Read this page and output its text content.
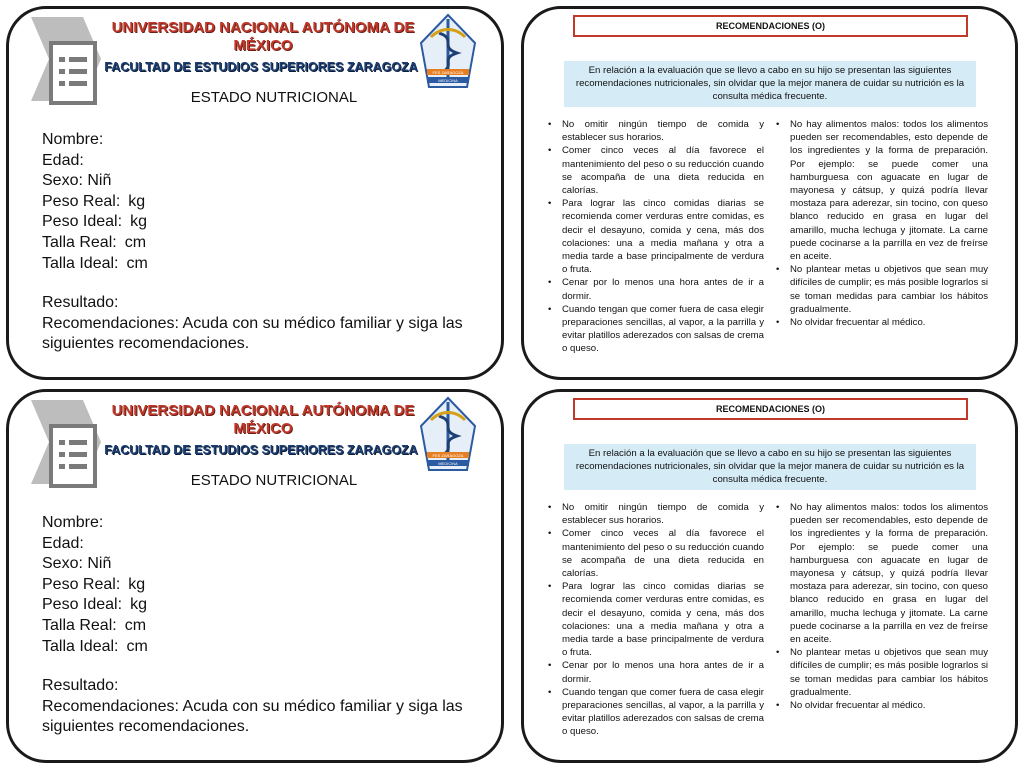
UNIVERSIDAD NACIONAL AUTÓNOMA DE MÉXICO
FACULTAD DE ESTUDIOS SUPERIORES ZARAGOZA	FES ZARAGOZA
MEDICINA
ESTADO NUTRICIONAL
Nombre:
Edad:
Sexo: Niñ
Peso Real: kg
Peso Ideal: kg
Talla Real: cm
Talla Ideal: cm
Resultado:
Recomendaciones: Acuda con su médico familiar y siga las siguientes recomendaciones.
RECOMENDACIONES (O)
En relación a la evaluación que se llevo a cabo en su hijo se presentan las siguientes recomendaciones nutricionales, sin olvidar que la mejor manera de cuidar su nutrición es la consulta médica frecuente.
• No omitir ningún tiempo de comida y establecer sus horarios.
• Comer cinco veces al día favorece el mantenimiento del peso o su reducción cuando se acompaña de una dieta reducida en calorías.
• Para lograr las cinco comidas diarias se recomienda comer verduras entre comidas, es decir el desayuno, comida y cena, más dos colaciones: una a media mañana y otra a media tarde a base principalmente de verdura o fruta.
• Cenar por lo menos una hora antes de ir a dormir.
• Cuando tengan que comer fuera de casa elegir preparaciones sencillas, al vapor, a la parrilla y evitar platillos aderezados con salsas de crema o queso.
• No hay alimentos malos: todos los alimentos pueden ser recomendables, esto depende de los ingredientes y la forma de preparación. Por ejemplo: se puede comer una hamburguesa con aguacate en lugar de mayonesa y cátsup, y quizá podría llevar mostaza para aderezar, sin tocino, con queso blanco reducido en grasa en lugar del amarillo, mucha lechuga y jitomate. La carne puede cocinarse a la parrilla en vez de freírse en aceite.
• No plantear metas u objetivos que sean muy difíciles de cumplir; es más posible lograrlos si se toman medidas para cambiar los hábitos gradualmente.
• No olvidar frecuentar al médico.
UNIVERSIDAD NACIONAL AUTÓNOMA DE MÉXICO
FACULTAD DE ESTUDIOS SUPERIORES ZARAGOZA	FES ZARAGOZA
MEDICINA
ESTADO NUTRICIONAL
Nombre:
Edad:
Sexo: Niñ
Peso Real: kg
Peso Ideal: kg
Talla Real: cm
Talla Ideal: cm
Resultado:
Recomendaciones: Acuda con su médico familiar y siga las siguientes recomendaciones.
RECOMENDACIONES (O)
En relación a la evaluación que se llevo a cabo en su hijo se presentan las siguientes recomendaciones nutricionales, sin olvidar que la mejor manera de cuidar su nutrición es la consulta médica frecuente.
• No omitir ningún tiempo de comida y establecer sus horarios.
• Comer cinco veces al día favorece el mantenimiento del peso o su reducción cuando se acompaña de una dieta reducida en calorías.
• Para lograr las cinco comidas diarias se recomienda comer verduras entre comidas, es decir el desayuno, comida y cena, más dos colaciones: una a media mañana y otra a media tarde a base principalmente de verdura o fruta.
• Cenar por lo menos una hora antes de ir a dormir.
• Cuando tengan que comer fuera de casa elegir preparaciones sencillas, al vapor, a la parrilla y evitar platillos aderezados con salsas de crema o queso.
• No hay alimentos malos: todos los alimentos pueden ser recomendables, esto depende de los ingredientes y la forma de preparación. Por ejemplo: se puede comer una hamburguesa con aguacate en lugar de mayonesa y cátsup, y quizá podría llevar mostaza para aderezar, sin tocino, con queso blanco reducido en grasa en lugar del amarillo, mucha lechuga y jitomate. La carne puede cocinarse a la parrilla en vez de freírse en aceite.
• No plantear metas u objetivos que sean muy difíciles de cumplir; es más posible lograrlos si se toman medidas para cambiar los hábitos gradualmente.
• No olvidar frecuentar al médico.
